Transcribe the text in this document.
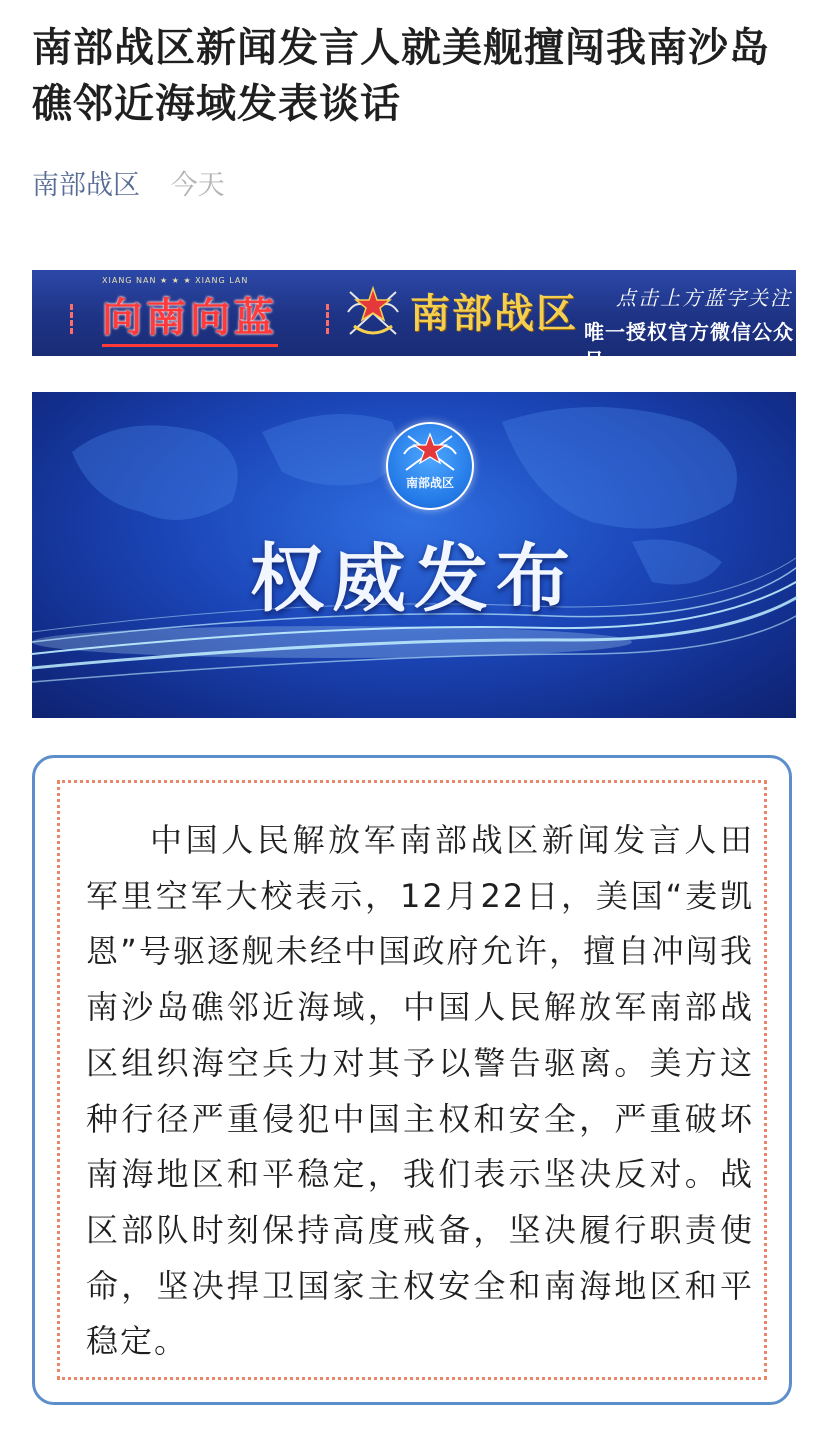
南部战区新闻发言人就美舰擅闯我南沙岛礁邻近海域发表谈话
南部战区 今天
XIANG NAN ★ ★ ★ XIANG LAN
向南向蓝	南部战区 点击上方蓝字关注
唯一授权官方微信公众号
南部战区
权威发布

中国人民解放军南部战区新闻发言人田军里空军大校表示，12月22日，美国“麦凯恩”号驱逐舰未经中国政府允许，擅自冲闯我南沙岛礁邻近海域，中国人民解放军南部战区组织海空兵力对其予以警告驱离。美方这种行径严重侵犯中国主权和安全，严重破坏南海地区和平稳定，我们表示坚决反对。战区部队时刻保持高度戒备，坚决履行职责使命，坚决捍卫国家主权安全和南海地区和平稳定。
